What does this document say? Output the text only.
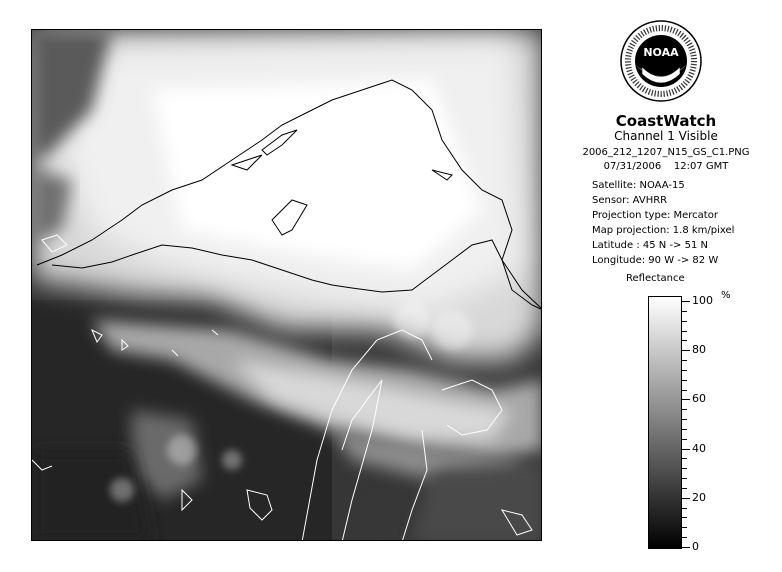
NOAA
CoastWatch
Channel 1 Visible
2006_212_1207_N15_GS_C1.PNG
07/31/2006    12:07 GMT
Satellite: NOAA-15
Sensor: AVHRR
Projection type: Mercator
Map projection: 1.8 km/pixel
Latitude : 45 N -> 51 N
Longitude: 90 W -> 82 W
Reflectance
%
100
80
60
40
20
0
